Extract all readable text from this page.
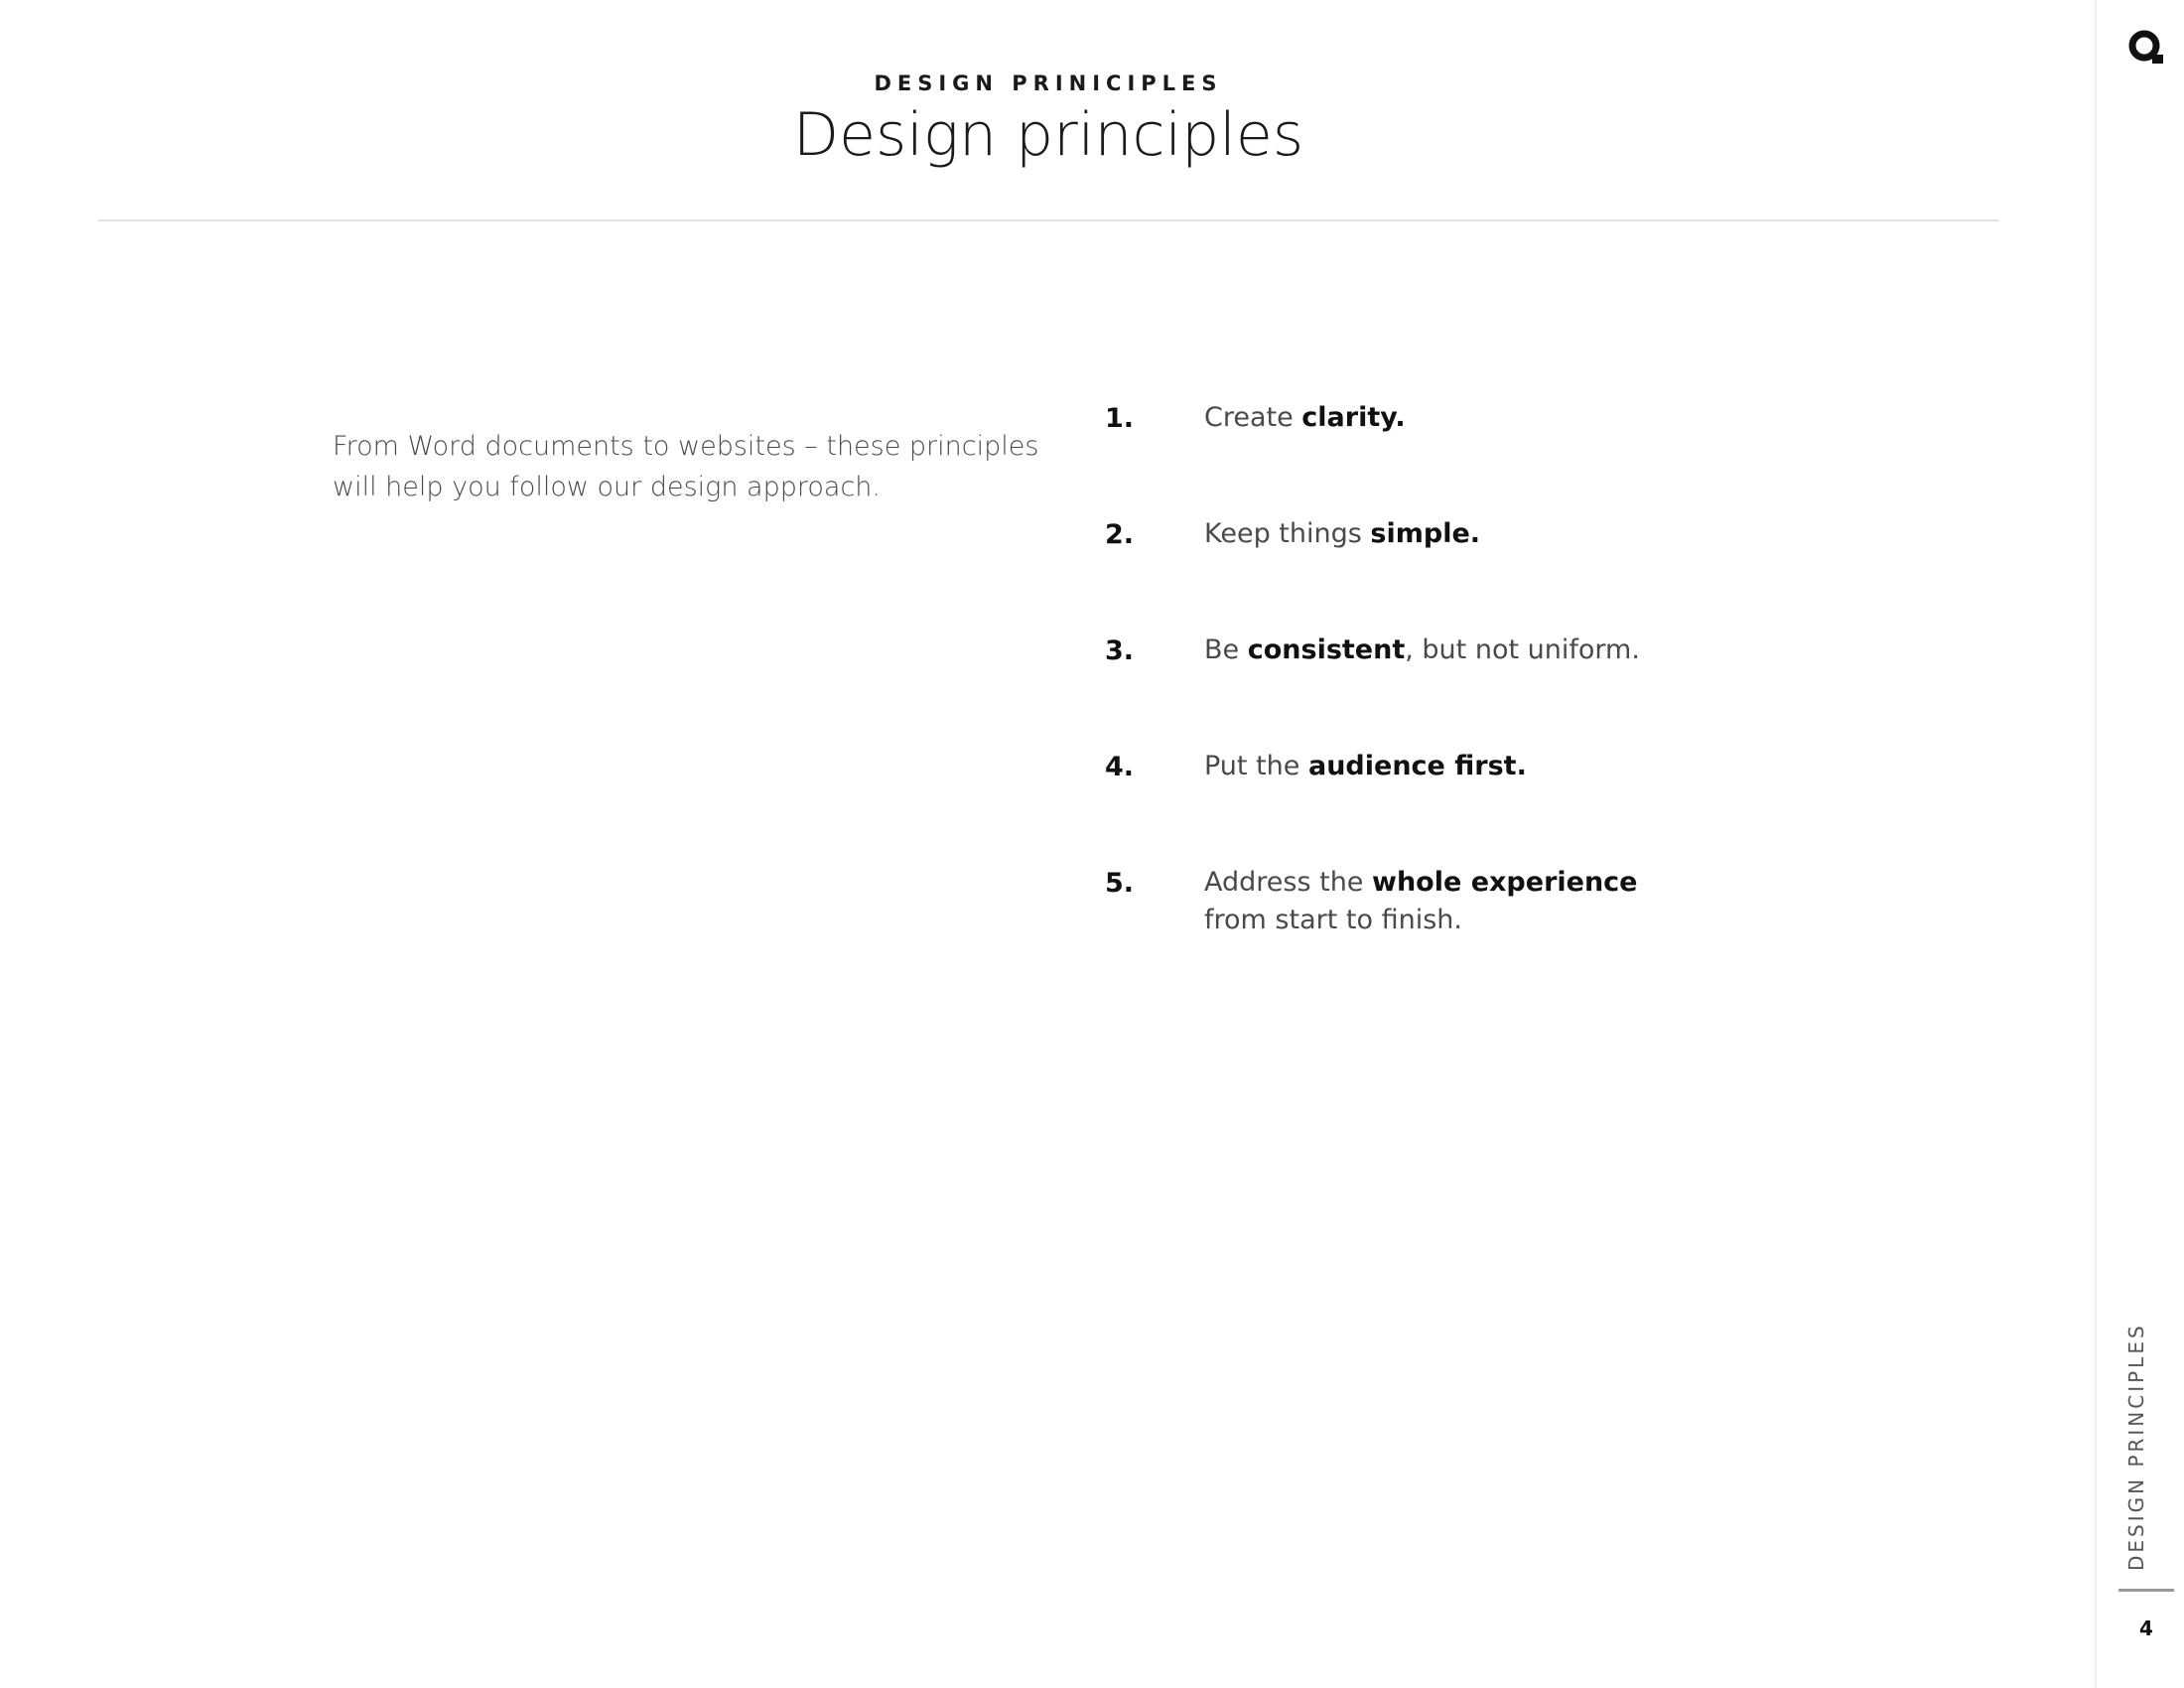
DESIGN PRINICIPLES
Design principles

From Word documents to websites – these principles will help you follow our design approach.

1.	Create clarity.
2.	Keep things simple.
3.	Be consistent, but not uniform.
4.	Put the audience first.
5.	Address the whole experience from start to finish.
DESIGN PRINCIPLES
4
